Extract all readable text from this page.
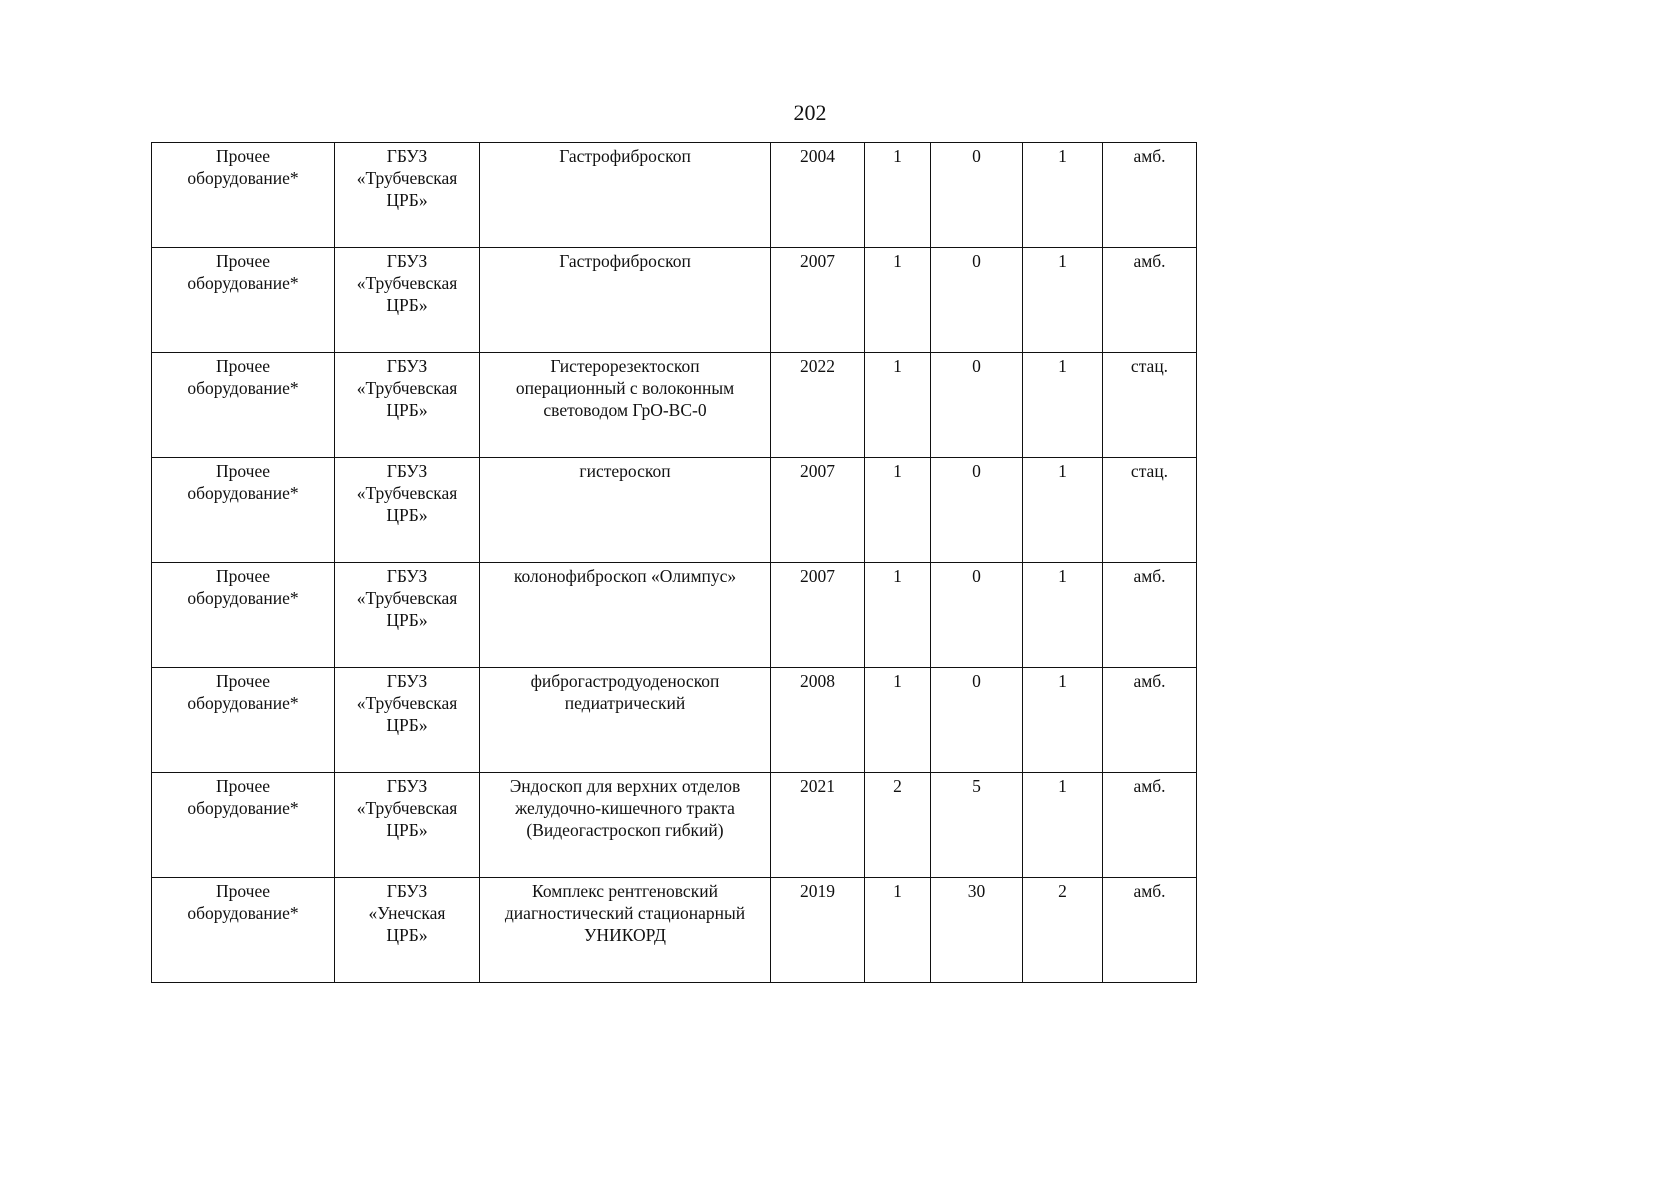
202
Прочее
оборудование*	ГБУЗ
«Трубчевская
ЦРБ»	Гастрофиброскоп	2004	1	0	1	амб.

Прочее
оборудование*	ГБУЗ
«Трубчевская
ЦРБ»	Гастрофиброскоп	2007	1	0	1	амб.

Прочее
оборудование*	ГБУЗ
«Трубчевская
ЦРБ»	Гистерорезектоскоп
операционный с волоконным
световодом ГрО-ВС-0	2022	1	0	1	стац.

Прочее
оборудование*	ГБУЗ
«Трубчевская
ЦРБ»	гистероскоп	2007	1	0	1	стац.

Прочее
оборудование*	ГБУЗ
«Трубчевская
ЦРБ»	колонофиброскоп «Олимпус»	2007	1	0	1	амб.

Прочее
оборудование*	ГБУЗ
«Трубчевская
ЦРБ»	фиброгастродуоденоскоп
педиатрический	2008	1	0	1	амб.

Прочее
оборудование*	ГБУЗ
«Трубчевская
ЦРБ»	Эндоскоп для верхних отделов
желудочно-кишечного тракта
(Видеогастроскоп гибкий)	2021	2	5	1	амб.

Прочее
оборудование*	ГБУЗ
«Унечская
ЦРБ»	Комплекс рентгеновский
диагностический стационарный
УНИКОРД	2019	1	30	2	амб.
